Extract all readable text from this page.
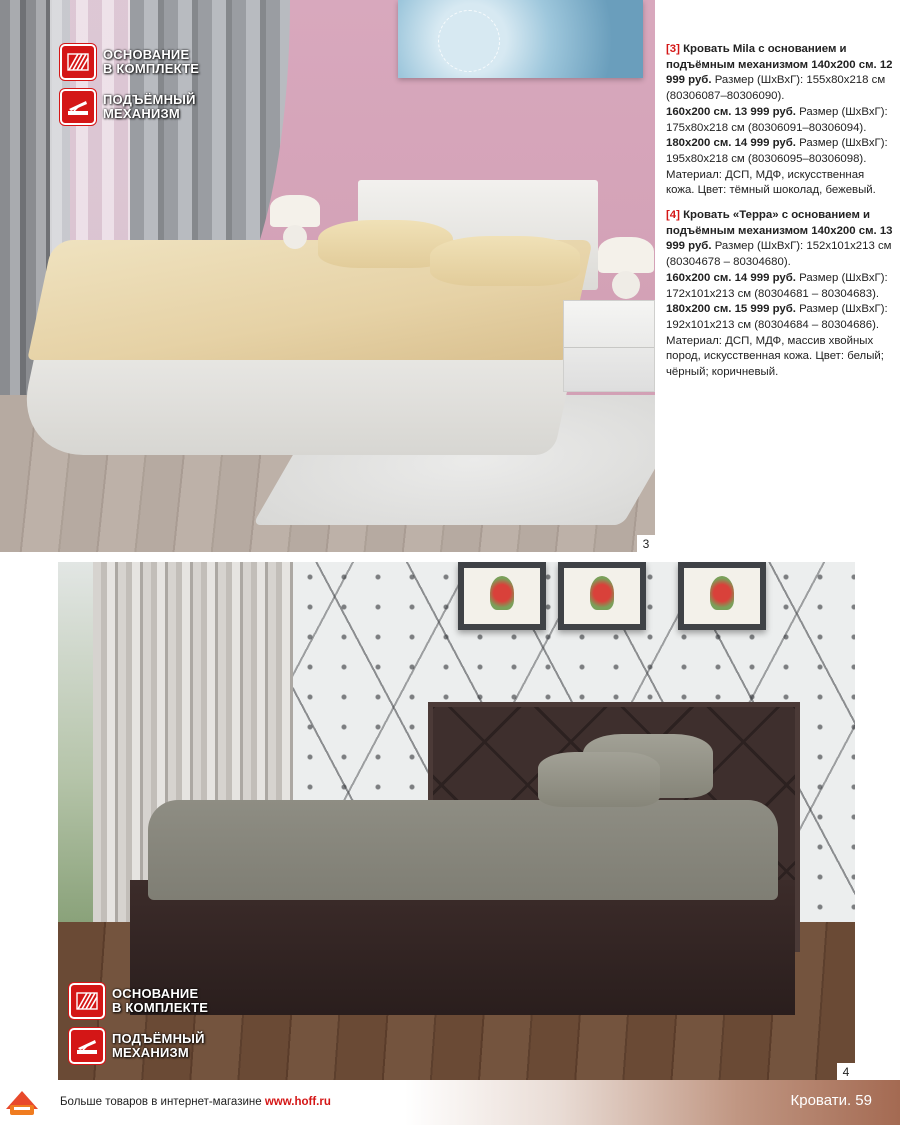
ОСНОВАНИЕ
В КОМПЛЕКТЕ
ПОДЪЁМНЫЙ
МЕХАНИЗМ
3

[3] Кровать Mila с основанием и подъёмным механизмом 140х200 см. 12 999 руб. Размер (ШхВхГ): 155х80х218 см (80306087–80306090).
160х200 см. 13 999 руб. Размер (ШхВхГ): 175х80х218 см (80306091–80306094).
180х200 см. 14 999 руб. Размер (ШхВхГ): 195х80х218 см (80306095–80306098).
Материал: ДСП, МДФ, искусственная кожа. Цвет: тёмный шоколад, бежевый.

[4] Кровать «Терра» с основанием и подъёмным механизмом 140х200 см. 13 999 руб. Размер (ШхВхГ): 152х101х213 см (80304678 – 80304680).
160х200 см. 14 999 руб. Размер (ШхВхГ): 172х101х213 см (80304681 – 80304683).
180х200 см. 15 999 руб. Размер (ШхВхГ): 192х101х213 см (80304684 – 80304686).
Материал: ДСП, МДФ, массив хвойных пород, искусственная кожа. Цвет: белый; чёрный; коричневый.

ОСНОВАНИЕ
В КОМПЛЕКТЕ
ПОДЪЁМНЫЙ
МЕХАНИЗМ
4
Больше товаров в интернет-магазине www.hoff.ru	Кровати. 59
